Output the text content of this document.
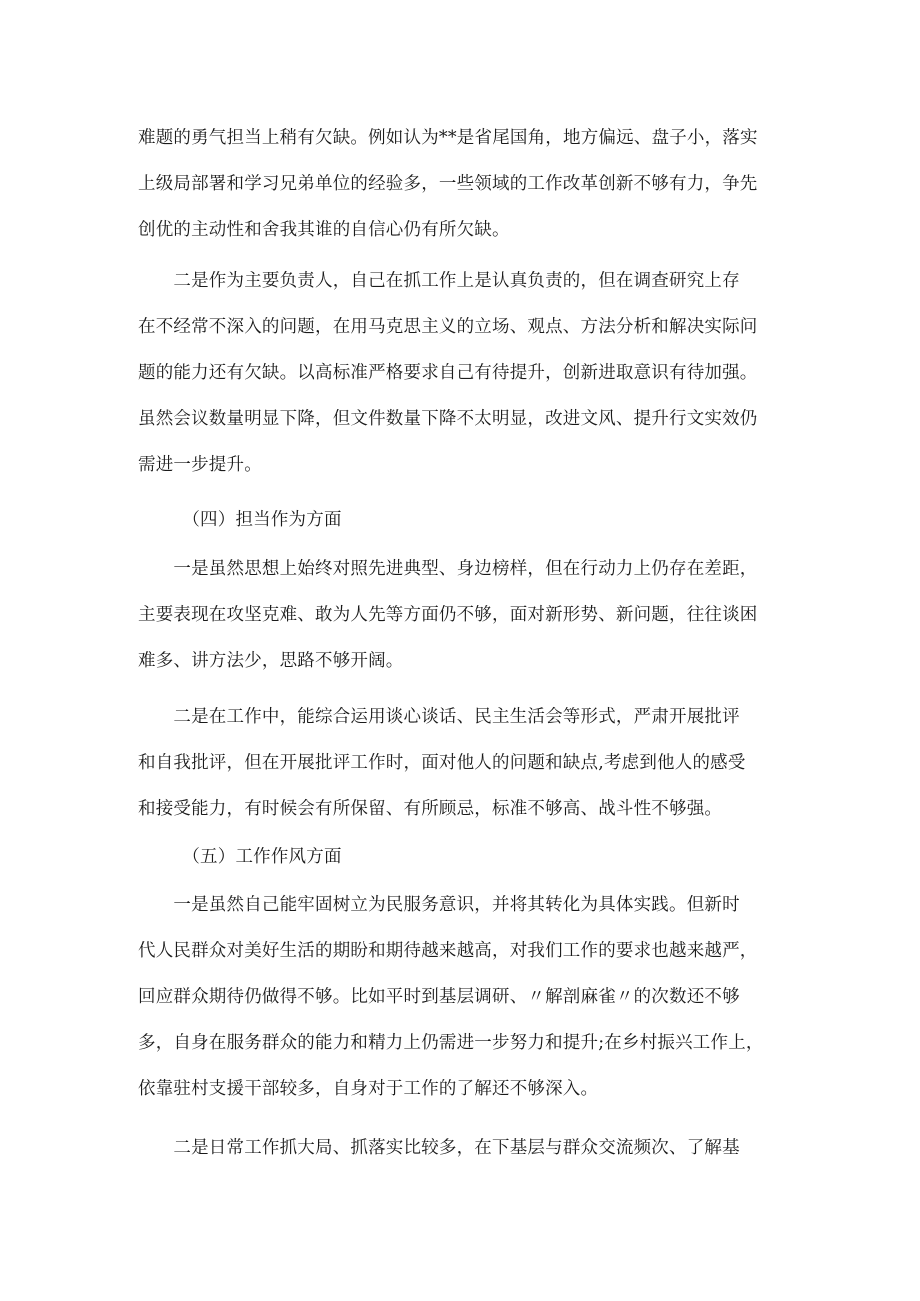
难题的勇气担当上稍有欠缺。例如认为**是省尾国角，地方偏远、盘子小，落实
上级局部署和学习兄弟单位的经验多，一些领域的工作改革创新不够有力，争先
创优的主动性和舍我其谁的自信心仍有所欠缺。
　　二是作为主要负责人，自己在抓工作上是认真负责的，但在调查研究上存
在不经常不深入的问题，在用马克思主义的立场、观点、方法分析和解决实际问
题的能力还有欠缺。以高标准严格要求自己有待提升，创新进取意识有待加强。
虽然会议数量明显下降，但文件数量下降不太明显，改进文风、提升行文实效仍
需进一步提升。
　　　（四）担当作为方面
　　一是虽然思想上始终对照先进典型、身边榜样，但在行动力上仍存在差距，
主要表现在攻坚克难、敢为人先等方面仍不够，面对新形势、新问题，往往谈困
难多、讲方法少，思路不够开阔。
　　二是在工作中，能综合运用谈心谈话、民主生活会等形式，严肃开展批评
和自我批评，但在开展批评工作时，面对他人的问题和缺点,考虑到他人的感受
和接受能力，有时候会有所保留、有所顾忌，标准不够高、战斗性不够强。
　　　（五）工作作风方面
　　一是虽然自己能牢固树立为民服务意识，并将其转化为具体实践。但新时
代人民群众对美好生活的期盼和期待越来越高，对我们工作的要求也越来越严，
回应群众期待仍做得不够。比如平时到基层调研、〃解剖麻雀〃的次数还不够
多，自身在服务群众的能力和精力上仍需进一步努力和提升;在乡村振兴工作上，
依靠驻村支援干部较多，自身对于工作的了解还不够深入。
　　二是日常工作抓大局、抓落实比较多，在下基层与群众交流频次、了解基
